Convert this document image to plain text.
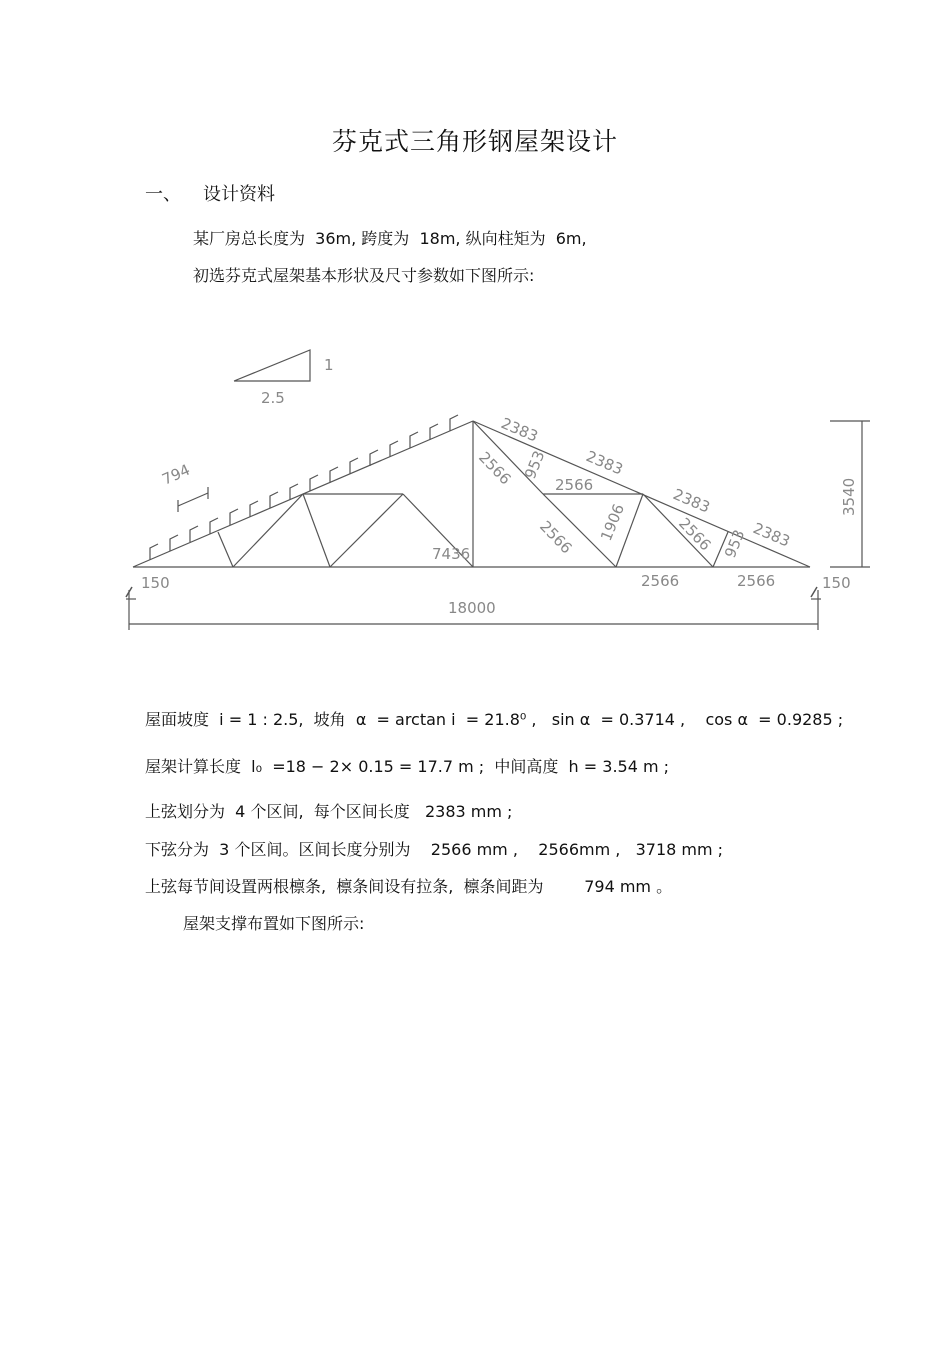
芬克式三角形钢屋架设计
一、 设计资料
某厂房总长度为  36m, 跨度为  18m, 纵向柱矩为  6m,
初选芬克式屋架基本形状及尺寸参数如下图所示:
1
2.5
794
2383
2383
2383
2383
2566 953
2566
2566 1906	2566 953
7436
3540
2566	2566
150	150
18000
屋面坡度  i = 1 : 2.5,  坡角  α  = arctan i  = 21.8⁰ ,   sin α  = 0.3714 ,    cos α  = 0.9285 ;
屋架计算长度  l₀  =18 − 2× 0.15 = 17.7 m ;  中间高度  h = 3.54 m ;
上弦划分为  4 个区间,  每个区间长度   2383 mm ;
下弦分为  3 个区间。区间长度分别为    2566 mm ,    2566mm ,   3718 mm ;
上弦每节间设置两根檩条,  檩条间设有拉条,  檩条间距为        794 mm 。
屋架支撑布置如下图所示:
